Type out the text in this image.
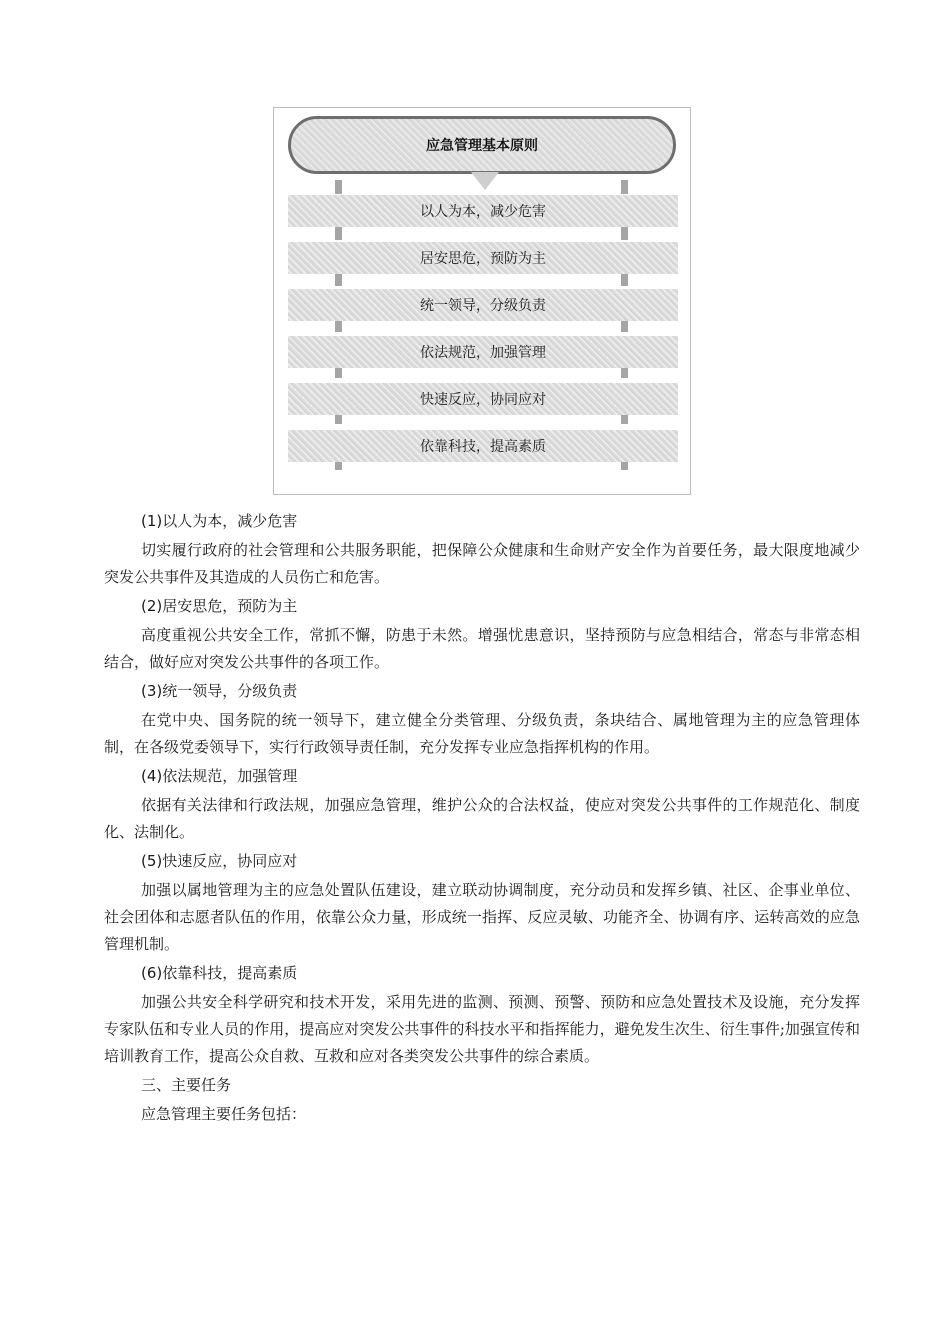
应急管理基本原则
以人为本，减少危害
居安思危，预防为主
统一领导，分级负责
依法规范，加强管理
快速反应，协同应对
依靠科技，提高素质

(1)以人为本，减少危害

切实履行政府的社会管理和公共服务职能，把保障公众健康和生命财产安全作为首要任务，最大限度地减少突发公共事件及其造成的人员伤亡和危害。

(2)居安思危，预防为主

高度重视公共安全工作，常抓不懈，防患于未然。增强忧患意识，坚持预防与应急相结合，常态与非常态相结合，做好应对突发公共事件的各项工作。

(3)统一领导，分级负责

在党中央、国务院的统一领导下，建立健全分类管理、分级负责，条块结合、属地管理为主的应急管理体制，在各级党委领导下，实行行政领导责任制，充分发挥专业应急指挥机构的作用。

(4)依法规范，加强管理

依据有关法律和行政法规，加强应急管理，维护公众的合法权益，使应对突发公共事件的工作规范化、制度化、法制化。

(5)快速反应，协同应对

加强以属地管理为主的应急处置队伍建设，建立联动协调制度，充分动员和发挥乡镇、社区、企事业单位、社会团体和志愿者队伍的作用，依靠公众力量，形成统一指挥、反应灵敏、功能齐全、协调有序、运转高效的应急管理机制。

(6)依靠科技，提高素质

加强公共安全科学研究和技术开发，采用先进的监测、预测、预警、预防和应急处置技术及设施，充分发挥专家队伍和专业人员的作用，提高应对突发公共事件的科技水平和指挥能力，避免发生次生、衍生事件;加强宣传和培训教育工作，提高公众自救、互救和应对各类突发公共事件的综合素质。

三、主要任务

应急管理主要任务包括：
